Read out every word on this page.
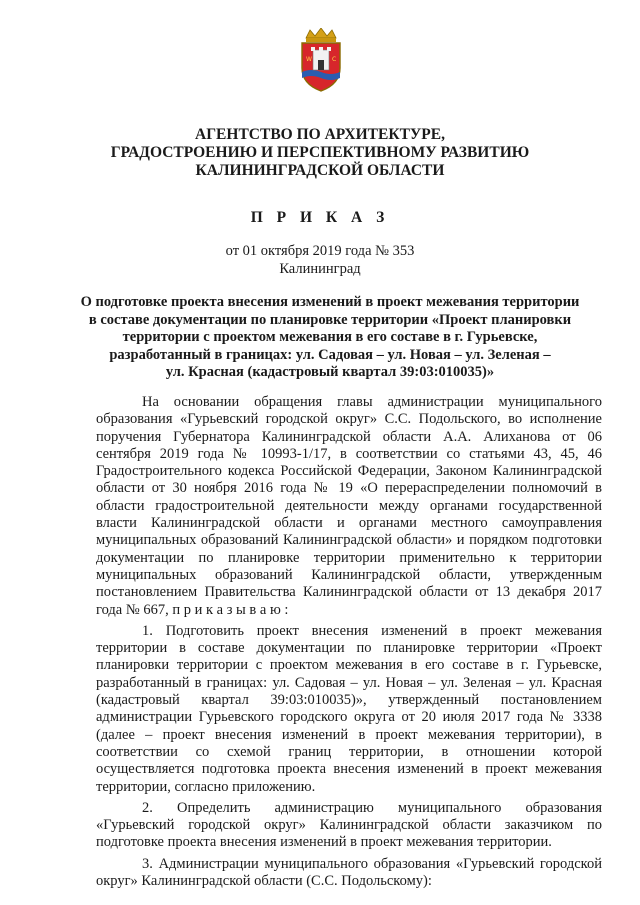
W	С
АГЕНТСТВО ПО АРХИТЕКТУРЕ,
ГРАДОСТРОЕНИЮ И ПЕРСПЕКТИВНОМУ РАЗВИТИЮ
КАЛИНИНГРАДСКОЙ ОБЛАСТИ
П Р И К А З
от 01 октября 2019 года № 353
Калининград
О подготовке проекта внесения изменений в проект межевания территории
в составе документации по планировке территории «Проект планировки
территории с проектом межевания в его составе в г. Гурьевске,
разработанный в границах: ул. Садовая – ул. Новая – ул. Зеленая –
ул. Красная (кадастровый квартал 39:03:010035)»

На основании обращения главы администрации муниципального образования «Гурьевский городской округ» С.С. Подольского, во исполнение поручения Губернатора Калининградской области А.А. Алиханова от 06 сентября 2019 года № 10993-1/17, в соответствии со статьями 43, 45, 46 Градостроительного кодекса Российской Федерации, Законом Калининградской области от 30 ноября 2016 года № 19 «О перераспределении полномочий в области градостроительной деятельности между органами государственной власти Калининградской области и органами местного самоуправления муниципальных образований Калининградской области» и порядком подготовки документации по планировке территории применительно к территории муниципальных образований Калининградской области, утвержденным постановлением Правительства Калининградской области от 13 декабря 2017 года № 667, п р и к а з ы в а ю :

1. Подготовить проект внесения изменений в проект межевания территории в составе документации по планировке территории «Проект планировки территории с проектом межевания в его составе в г. Гурьевске, разработанный в границах: ул. Садовая – ул. Новая – ул. Зеленая – ул. Красная (кадастровый квартал 39:03:010035)», утвержденный постановлением администрации Гурьевского городского округа от 20 июля 2017 года № 3338 (далее – проект внесения изменений в проект межевания территории), в соответствии со схемой границ территории, в отношении которой осуществляется подготовка проекта внесения изменений в проект межевания территории, согласно приложению.

2. Определить администрацию муниципального образования «Гурьевский городской округ» Калининградской области заказчиком по подготовке проекта внесения изменений в проект межевания территории.

3. Администрации муниципального образования «Гурьевский городской округ» Калининградской области (С.С. Подольскому):
